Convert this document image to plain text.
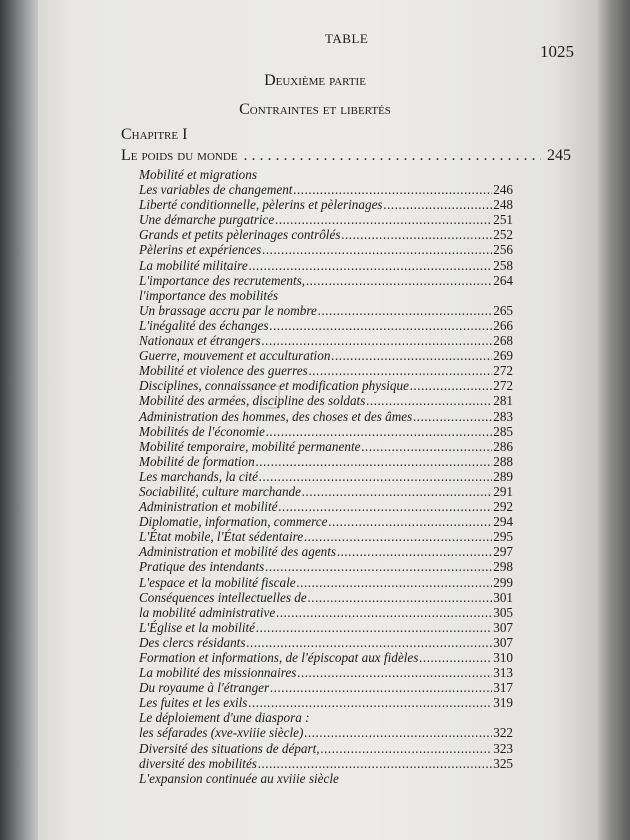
TABLE
1025
Deuxième partie
Contraintes et libertés
Chapitre I
Le poids du monde . . .	245
Mobilité et migrations
Les variables de changement .....	246
Liberté conditionnelle, pèlerins et pèlerinages .....	248
Une démarche purgatrice .....	251
Grands et petits pèlerinages contrôlés .....	252
Pèlerins et expériences .....	256
La mobilité militaire .....	258
L'importance des recrutements, .....	264
l'importance des mobilités
Un brassage accru par le nombre .....	265
L'inégalité des échanges .....	266
Nationaux et étrangers .....	268
Guerre, mouvement et acculturation .....	269
Mobilité et violence des guerres .....	272
Disciplines, connaissance et modification physique .....	272
Mobilité des armées, discipline des soldats .....	281
Administration des hommes, des choses et des âmes .....	283
Mobilités de l'économie .....	285
Mobilité temporaire, mobilité permanente .....	286
Mobilité de formation .....	288
Les marchands, la cité .....	289
Sociabilité, culture marchande .....	291
Administration et mobilité .....	292
Diplomatie, information, commerce .....	294
L'État mobile, l'État sédentaire .....	295
Administration et mobilité des agents .....	297
Pratique des intendants .....	298
L'espace et la mobilité fiscale .....	299
Conséquences intellectuelles de .....	301
la mobilité administrative .....	305
L'Église et la mobilité .....	307
Des clercs résidants .....	307
Formation et informations, de l'épiscopat aux fidèles .....	310
La mobilité des missionnaires .....	313
Du royaume à l'étranger .....	317
Les fuites et les exils .....	319
Le déploiement d'une diaspora :
les séfarades (xve-xviiie siècle) .....	322
Diversité des situations de départ, .....	323
diversité des mobilités .....	325
L'expansion continuée au xviiie siècle
